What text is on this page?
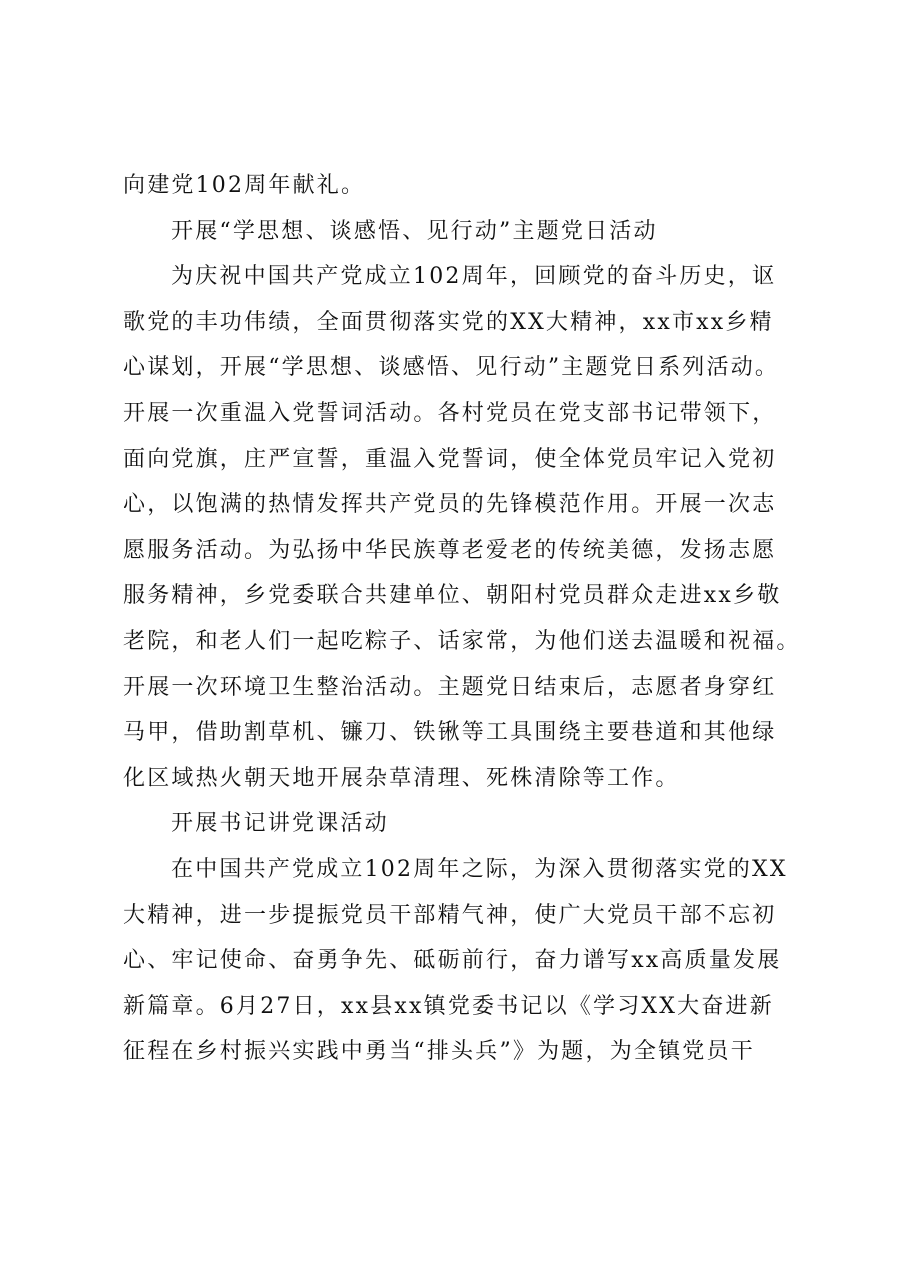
向建党102周年献礼。
开展“学思想、谈感悟、见行动”主题党日活动
为庆祝中国共产党成立102周年，回顾党的奋斗历史，讴
歌党的丰功伟绩，全面贯彻落实党的XX大精神，xx市xx乡精
心谋划，开展“学思想、谈感悟、见行动”主题党日系列活动。
开展一次重温入党誓词活动。各村党员在党支部书记带领下，
面向党旗，庄严宣誓，重温入党誓词，使全体党员牢记入党初
心，以饱满的热情发挥共产党员的先锋模范作用。开展一次志
愿服务活动。为弘扬中华民族尊老爱老的传统美德，发扬志愿
服务精神，乡党委联合共建单位、朝阳村党员群众走进xx乡敬
老院，和老人们一起吃粽子、话家常，为他们送去温暖和祝福。
开展一次环境卫生整治活动。主题党日结束后，志愿者身穿红
马甲，借助割草机、镰刀、铁锹等工具围绕主要巷道和其他绿
化区域热火朝天地开展杂草清理、死株清除等工作。
开展书记讲党课活动
在中国共产党成立102周年之际，为深入贯彻落实党的XX
大精神，进一步提振党员干部精气神，使广大党员干部不忘初
心、牢记使命、奋勇争先、砥砺前行，奋力谱写xx高质量发展
新篇章。6月27日，xx县xx镇党委书记以《学习XX大奋进新
征程在乡村振兴实践中勇当“排头兵”》为题，为全镇党员干
